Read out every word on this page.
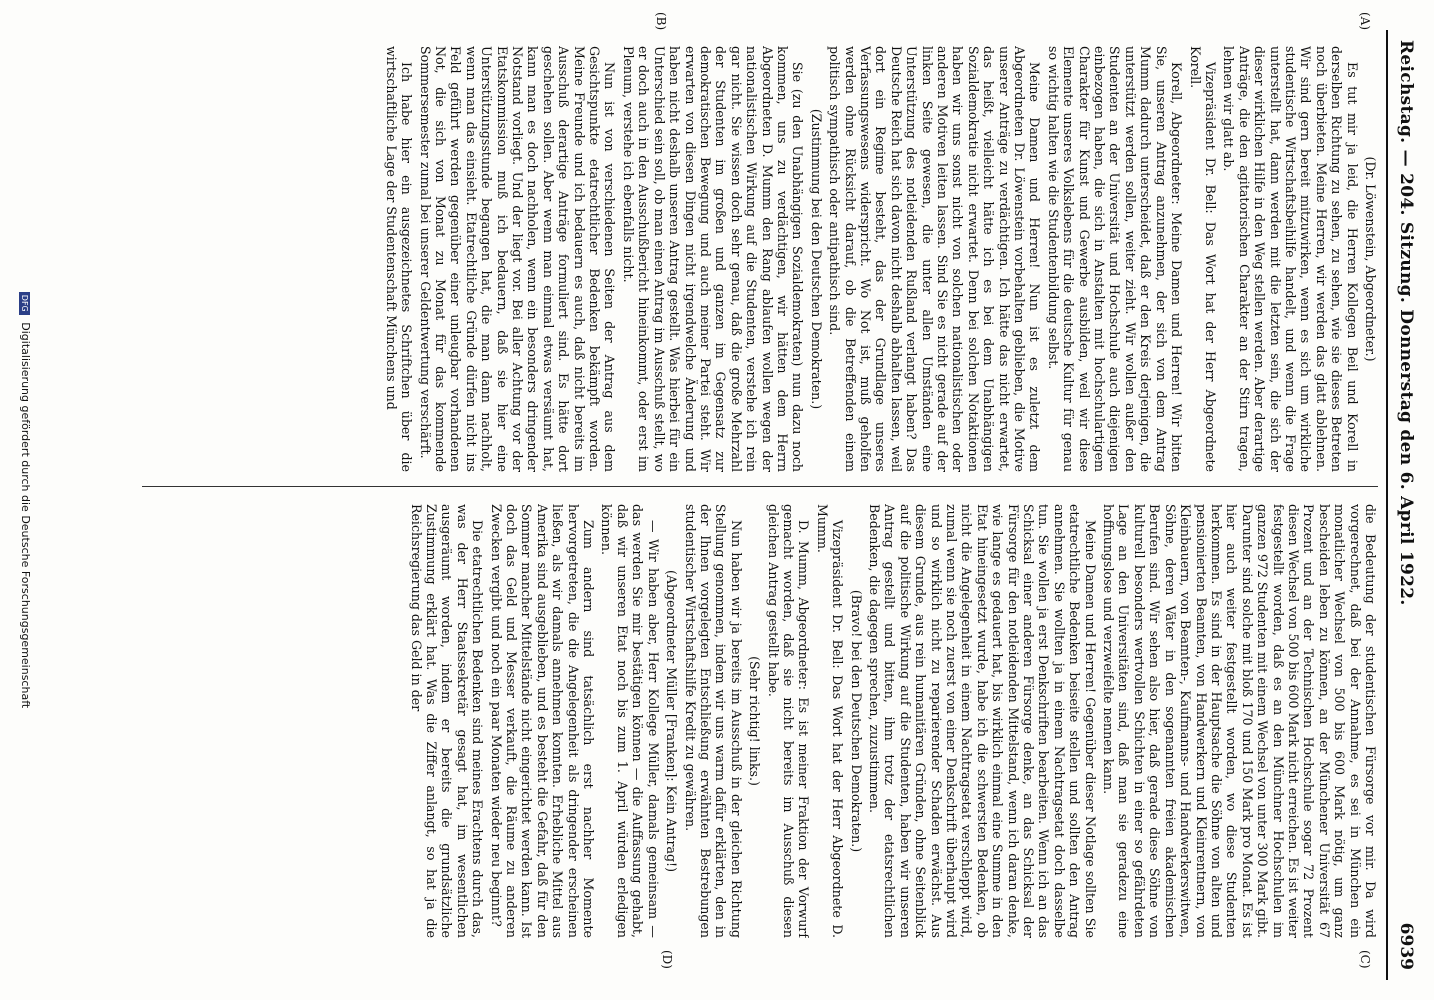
Reichstag. — 204. Sitzung. Donnerstag den 6. April 1922.
6939
(A)
(B)
(C)
(D)

(Dr. Löwenstein, Abgeordneter.)

Es tut mir ja leid, die Herren Kollegen Beil und Korell in derselben Richtung zu sehen, zu sehen, wie sie dieses Betreten noch überbieten. Meine Herren, wir werden das glatt ablehnen. Wir sind gern bereit mitzuwirken, wenn es sich um wirkliche studentische Wirtschaftsbeihilfe handelt, und wenn die Frage unterstellt hat, dann werden mit die letzten sein, die sich der dieser wirklichen Hilfe in den Weg stellen werden. Aber derartige Anträge, die den agitatorischen Charakter an der Stirn tragen, lehnen wir glatt ab.

Vizepräsident Dr. Bell: Das Wort hat der Herr Abgeordnete Korell.

Korell, Abgeordneter: Meine Damen und Herren! Wir bitten Sie, unseren Antrag anzunehmen, der sich von dem Antrag Mumm dadurch unterscheidet, daß er den Kreis derjenigen, die unterstützt werden sollen, weiter zieht. Wir wollen außer den Studenten an der Universität und Hochschule auch diejenigen einbezogen haben, die sich in Anstalten mit hochschulartigem Charakter für Kunst und Gewerbe ausbilden, weil wir diese Elemente unseres Volkslebens für die deutsche Kultur für genau so wichtig halten wie die Studentenbildung selbst.

Meine Damen und Herren! Nun ist es zuletzt dem Abgeordneten Dr. Löwenstein vorbehalten geblieben, die Motive unserer Anträge zu verdächtigen. Ich hätte das nicht erwartet, das heißt, vielleicht hätte ich es bei dem Unabhängigen Sozialdemokratie nicht erwartet. Denn bei solchen Notaktionen haben wir uns sonst nicht von solchen nationalistischen oder anderen Motiven leiten lassen. Sind Sie es nicht gerade auf der linken Seite gewesen, die unter allen Umständen eine Unterstützung des notleidenden Rußland verlangt haben? Das Deutsche Reich hat sich davon nicht deshalb abhalten lassen, weil dort ein Regime besteht, das der Grundlage unseres Verfassungswesens widerspricht. Wo Not ist, muß geholfen werden ohne Rücksicht darauf, ob die Betreffenden einem politisch sympathisch oder antipathisch sind.

(Zustimmung bei den Deutschen Demokraten.)

Sie (zu den Unabhängigen Sozialdemokraten) nun dazu noch kommen, uns zu verdächtigen, wir hätten dem Herrn Abgeordneten D. Mumm den Rang ablaufen wollen wegen der nationalistischen Wirkung auf die Studenten, verstehe ich rein gar nicht. Sie wissen doch sehr genau, daß die große Mehrzahl der Studenten im großen und ganzen im Gegensatz zur demokratischen Bewegung und auch meiner Partei steht. Wir erwarten von diesen Dingen nicht irgendwelche Änderung und haben nicht deshalb unseren Antrag gestellt. Was hierbei für ein Unterschied sein soll, ob man einen Antrag im Ausschuß stellt, wo er doch auch in den Ausschußbericht hineinkommt, oder erst im Plenum, verstehe ich ebenfalls nicht.

Nun ist von verschiedenen Seiten der Antrag aus dem Gesichtspunkte etatrechtlicher Bedenken bekämpft worden. Meine Freunde und ich bedauern es auch, daß nicht bereits im Ausschuß derartige Anträge formuliert sind. Es hätte dort geschehen sollen. Aber wenn man einmal etwas versäumt hat, kann man es doch nachholen, wenn ein besonders dringender Notstand vorliegt. Und der liegt vor. Bei aller Achtung vor der Etatskommission muß ich bedauern, daß sie hier eine Unterstützungsstunde begangen hat, die man dann nachholt, wenn man das einsieht. Etatrechtliche Gründe dürfen nicht ins Feld geführt werden gegenüber einer unleugbar vorhandenen Not, die sich von Monat zu Monat für das kommende Sommersemester zumal bei unserer Geldentwertung verschärft.

Ich habe hier ein ausgezeichnetes Schriftchen über die wirtschaftliche Lage der Studentenschaft Münchens und

die Bedeutung der studentischen Fürsorge vor mir. Da wird vorgerechnet, daß bei der Annahme, es sei in München ein monatlicher Wechsel von 500 bis 600 Mark nötig, um ganz bescheiden leben zu können, an der Münchener Universität 67 Prozent und an der Technischen Hochschule sogar 72 Prozent diesen Wechsel von 500 bis 600 Mark nicht erreichen. Es ist weiter festgestellt worden, daß es an den Münchner Hochschulen im ganzen 972 Studenten mit einem Wechsel von unter 300 Mark gibt. Darunter sind solche mit bloß 170 und 150 Mark pro Monat. Es ist hier auch weiter festgestellt worden, wo diese Studenten herkommen. Es sind in der Hauptsache die Söhne von alten und pensionierten Beamten, von Handwerkern und Kleinrentnern, von Kleinbauern, von Beamten-, Kaufmanns- und Handwerkerswitwen, Söhne, deren Väter in den sogenannten freien akademischen Berufen sind. Wir sehen also hier, daß gerade diese Söhne von kulturell besonders wertvollen Schichten in einer so gefährdeten Lage an den Universitäten sind, daß man sie geradezu eine hoffnungslose und verzweifelte nennen kann.

Meine Damen und Herren! Gegenüber dieser Notlage sollten Sie etatrechtliche Bedenken beiseite stellen und sollten den Antrag annehmen. Sie wollten ja in einem Nachtragsetat doch dasselbe tun. Sie wollen ja erst Denkschriften bearbeiten. Wenn ich an das Schicksal einer anderen Fürsorge denke, an das Schicksal der Fürsorge für den notleidenden Mittelstand, wenn ich daran denke, wie lange es gedauert hat, bis wirklich einmal eine Summe in den Etat hineingesetzt wurde, habe ich die schwersten Bedenken, ob nicht die Angelegenheit in einem Nachtragsetat verschleppt wird, zumal wenn sie noch zuerst von einer Denkschrift überhaupt wird und so wirklich nicht zu reparierender Schaden erwächst. Aus diesem Grunde, aus rein humanitären Gründen, ohne Seitenblick auf die politische Wirkung auf die Studenten, haben wir unseren Antrag gestellt und bitten, ihm trotz der etatsrechtlichen Bedenken, die dagegen sprechen, zuzustimmen.

(Bravo! bei den Deutschen Demokraten.)

Vizepräsident Dr. Bell: Das Wort hat der Herr Abgeordnete D. Mumm.

D. Mumm, Abgeordneter: Es ist meiner Fraktion der Vorwurf gemacht worden, daß sie nicht bereits im Ausschuß diesen gleichen Antrag gestellt habe.

(Sehr richtig! links.)

Nun haben wir ja bereits im Ausschuß in der gleichen Richtung Stellung genommen, indem wir uns warm dafür erklärten, den in der Ihnen vorgelegten Entschließung erwähnten Bestrebungen studentischer Wirtschaftshilfe Kredit zu gewähren.

(Abgeordneter Müller [Franken]: Kein Antrag!)

— Wir haben aber, Herr Kollege Müller, damals gemeinsam — das werden Sie mir bestätigen können — die Auffassung gehabt, daß wir unseren Etat noch bis zum 1. April würden erledigen können.

Zum andern sind tatsächlich erst nachher Momente hervorgetreten, die die Angelegenheit als dringender erscheinen ließen, als wir damals annehmen konnten. Erhebliche Mittel aus Amerika sind ausgeblieben, und es besteht die Gefahr, daß für den Sommer mancher Mittelstände nicht eingerichtet werden kann. Ist doch das Geld und Messer verkauft, die Räume zu anderen Zwecken vergibt und noch ein paar Monaten wieder neu beginnt?

Die etatrechtlichen Bedenken sind meines Erachtens durch das, was der Herr Staatssekretär gesagt hat, im wesentlichen ausgeräumt worden, indem er bereits die grundsätzliche Zustimmung erklärt hat. Was die Ziffer anlangt, so hat ja die Reichsregierung das Geld in der

DFG Digitalisierung gefördert durch die Deutsche Forschungsgemeinschaft
